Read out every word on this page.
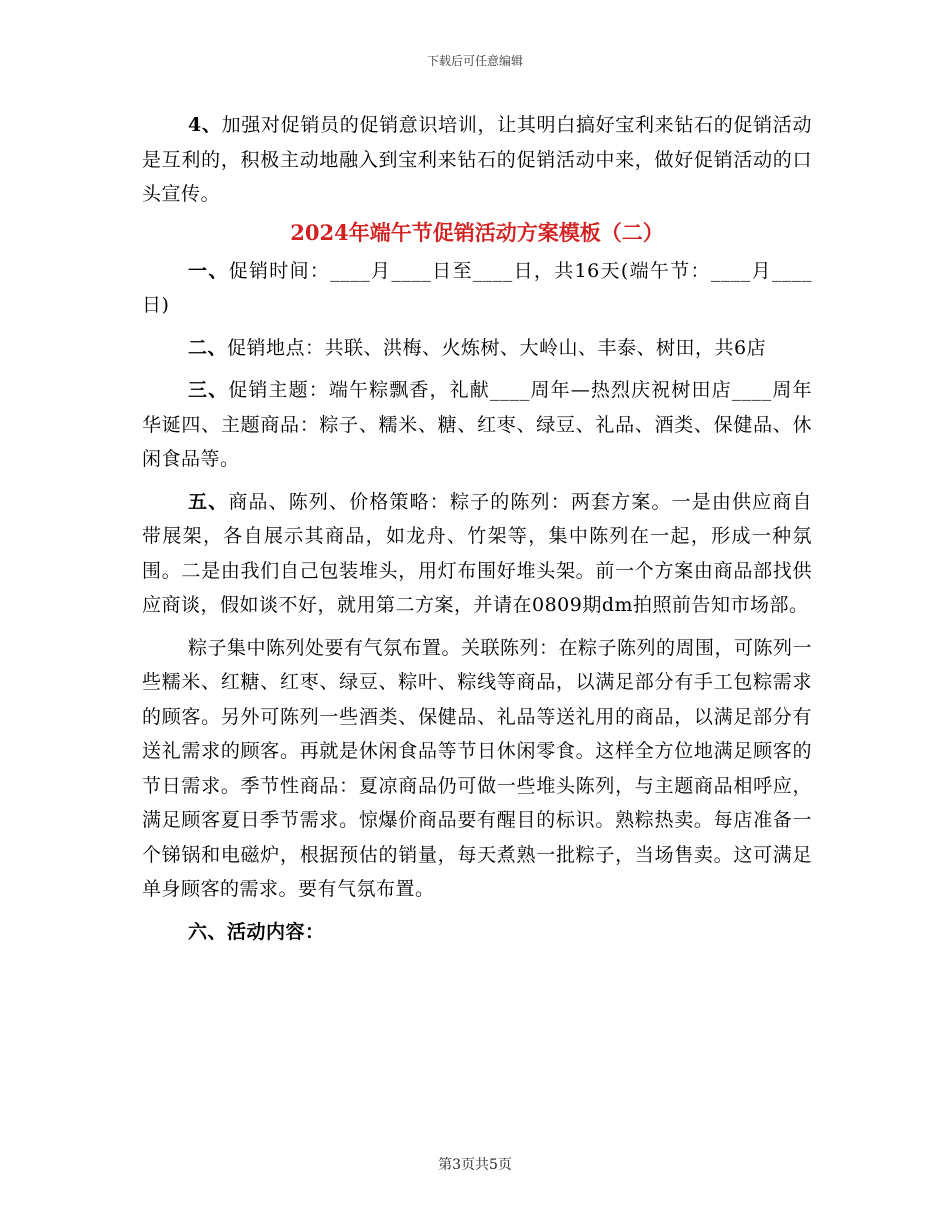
下载后可任意编辑

4、加强对促销员的促销意识培训，让其明白搞好宝利来钻石的促销活动是互利的，积极主动地融入到宝利来钻石的促销活动中来，做好促销活动的口头宣传。

2024年端午节促销活动方案模板（二）

一、促销时间：____月____日至____日，共16天(端午节：____月____日)

二、促销地点：共联、洪梅、火炼树、大岭山、丰泰、树田，共6店

三、促销主题：端午粽飘香，礼献____周年—热烈庆祝树田店____周年华诞四、主题商品：粽子、糯米、糖、红枣、绿豆、礼品、酒类、保健品、休闲食品等。

五、商品、陈列、价格策略：粽子的陈列：两套方案。一是由供应商自带展架，各自展示其商品，如龙舟、竹架等，集中陈列在一起，形成一种氛围。二是由我们自己包装堆头，用灯布围好堆头架。前一个方案由商品部找供应商谈，假如谈不好，就用第二方案，并请在0809期dm拍照前告知市场部。

粽子集中陈列处要有气氛布置。关联陈列：在粽子陈列的周围，可陈列一些糯米、红糖、红枣、绿豆、粽叶、粽线等商品，以满足部分有手工包粽需求的顾客。另外可陈列一些酒类、保健品、礼品等送礼用的商品，以满足部分有送礼需求的顾客。再就是休闲食品等节日休闲零食。这样全方位地满足顾客的节日需求。季节性商品：夏凉商品仍可做一些堆头陈列，与主题商品相呼应，满足顾客夏日季节需求。惊爆价商品要有醒目的标识。熟粽热卖。每店准备一个锑锅和电磁炉，根据预估的销量，每天煮熟一批粽子，当场售卖。这可满足单身顾客的需求。要有气氛布置。

六、活动内容：

第3页共5页
